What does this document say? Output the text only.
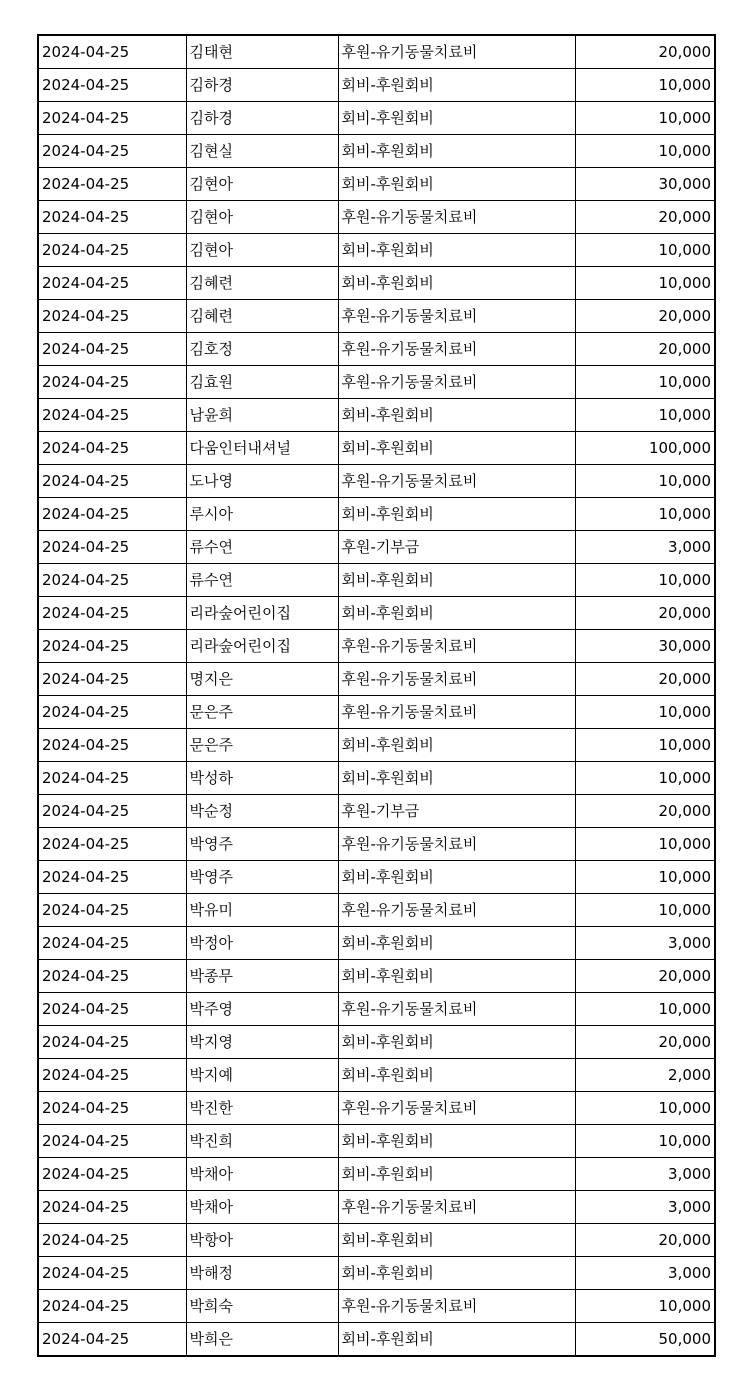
2024-04-25	김태현	후원-유기동물치료비	20,000
2024-04-25	김하경	회비-후원회비	10,000
2024-04-25	김하경	회비-후원회비	10,000
2024-04-25	김현실	회비-후원회비	10,000
2024-04-25	김현아	회비-후원회비	30,000
2024-04-25	김현아	후원-유기동물치료비	20,000
2024-04-25	김현아	회비-후원회비	10,000
2024-04-25	김혜련	회비-후원회비	10,000
2024-04-25	김혜련	후원-유기동물치료비	20,000
2024-04-25	김호정	후원-유기동물치료비	20,000
2024-04-25	김효원	후원-유기동물치료비	10,000
2024-04-25	남윤희	회비-후원회비	10,000
2024-04-25	다움인터내셔널	회비-후원회비	100,000
2024-04-25	도나영	후원-유기동물치료비	10,000
2024-04-25	루시아	회비-후원회비	10,000
2024-04-25	류수연	후원-기부금	3,000
2024-04-25	류수연	회비-후원회비	10,000
2024-04-25	리라숲어린이집	회비-후원회비	20,000
2024-04-25	리라숲어린이집	후원-유기동물치료비	30,000
2024-04-25	명지은	후원-유기동물치료비	20,000
2024-04-25	문은주	후원-유기동물치료비	10,000
2024-04-25	문은주	회비-후원회비	10,000
2024-04-25	박성하	회비-후원회비	10,000
2024-04-25	박순정	후원-기부금	20,000
2024-04-25	박영주	후원-유기동물치료비	10,000
2024-04-25	박영주	회비-후원회비	10,000
2024-04-25	박유미	후원-유기동물치료비	10,000
2024-04-25	박정아	회비-후원회비	3,000
2024-04-25	박종무	회비-후원회비	20,000
2024-04-25	박주영	후원-유기동물치료비	10,000
2024-04-25	박지영	회비-후원회비	20,000
2024-04-25	박지예	회비-후원회비	2,000
2024-04-25	박진한	후원-유기동물치료비	10,000
2024-04-25	박진희	회비-후원회비	10,000
2024-04-25	박채아	회비-후원회비	3,000
2024-04-25	박채아	후원-유기동물치료비	3,000
2024-04-25	박항아	회비-후원회비	20,000
2024-04-25	박해정	회비-후원회비	3,000
2024-04-25	박희숙	후원-유기동물치료비	10,000
2024-04-25	박희은	회비-후원회비	50,000
